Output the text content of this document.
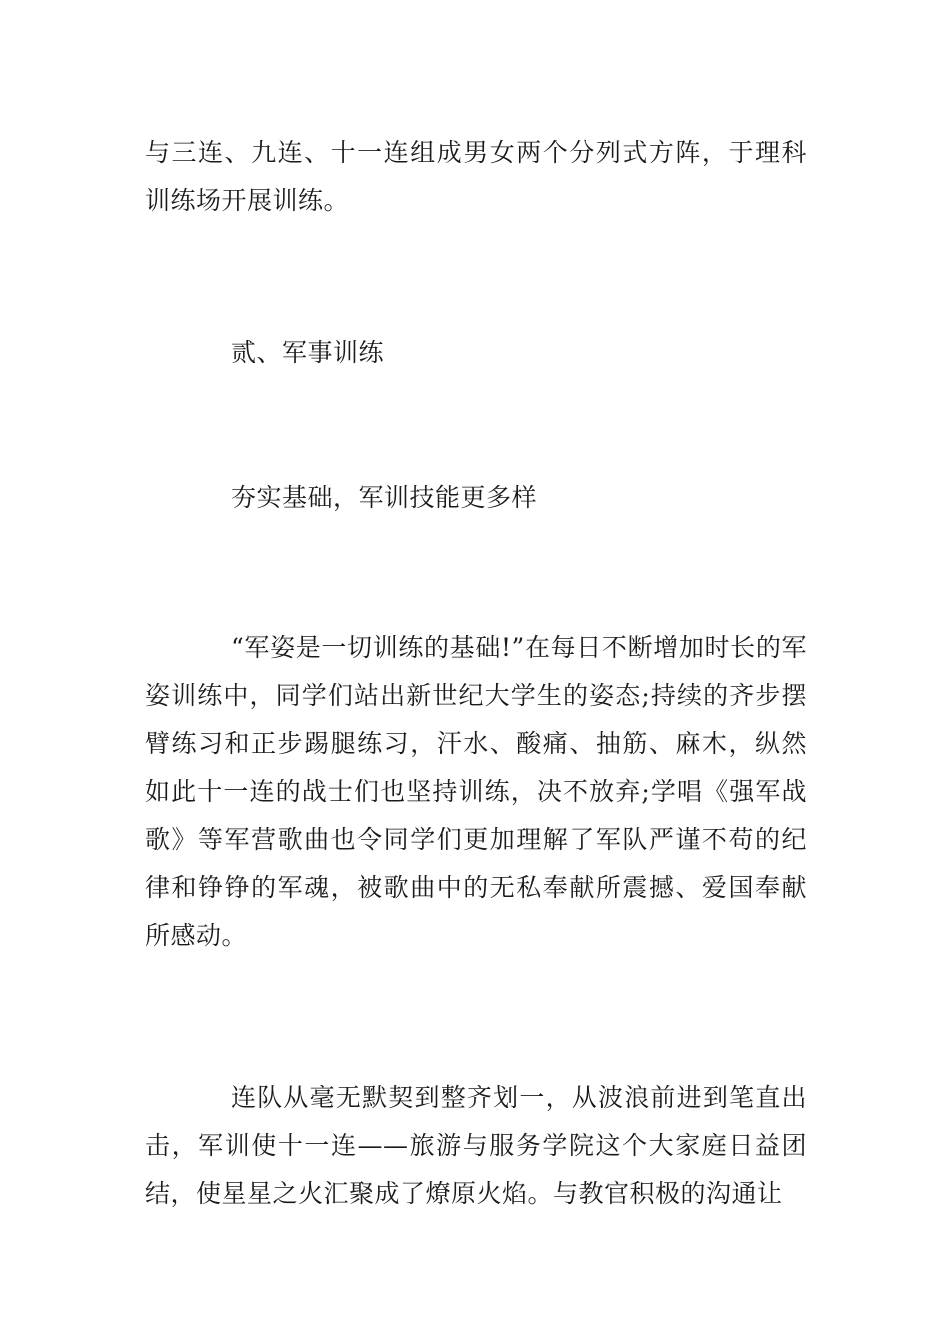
与三连、九连、十一连组成男女两个分列式方阵，于理科训练场开展训练。

贰、军事训练

夯实基础，军训技能更多样

“军姿是一切训练的基础!”在每日不断增加时长的军姿训练中，同学们站出新世纪大学生的姿态;持续的齐步摆臂练习和正步踢腿练习，汗水、酸痛、抽筋、麻木，纵然如此十一连的战士们也坚持训练，决不放弃;学唱《强军战歌》等军营歌曲也令同学们更加理解了军队严谨不苟的纪律和铮铮的军魂，被歌曲中的无私奉献所震撼、爱国奉献所感动。

连队从毫无默契到整齐划一，从波浪前进到笔直出击，军训使十一连——旅游与服务学院这个大家庭日益团结，使星星之火汇聚成了燎原火焰。与教官积极的沟通让
